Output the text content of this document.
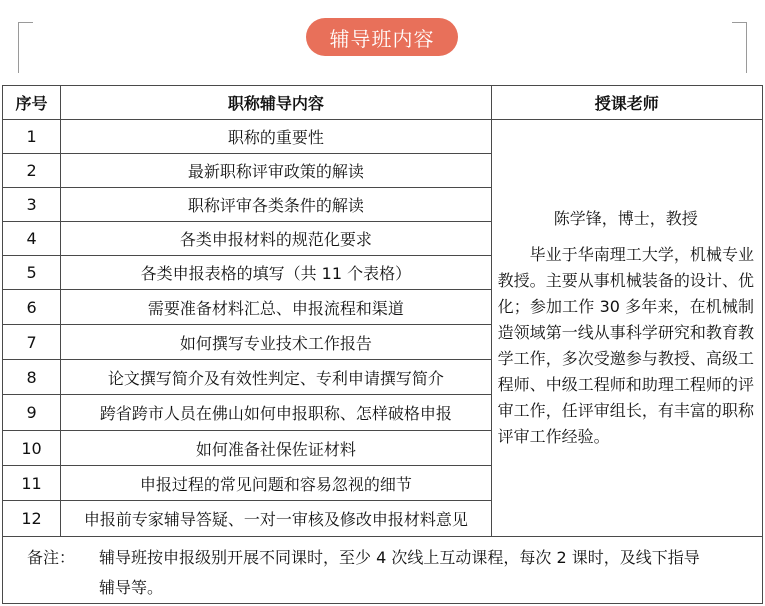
辅导班内容
序号	职称辅导内容	授课老师
1	职称的重要性	陈学锋，博士，教授
毕业于华南理工大学，机械专业教授。主要从事机械装备的设计、优化；参加工作 30 多年来，在机械制造领域第一线从事科学研究和教育教学工作，多次受邀参与教授、高级工程师、中级工程师和助理工程师的评审工作，任评审组长，有丰富的职称评审工作经验。

2	最新职称评审政策的解读	
3	职称评审各类条件的解读	
4	各类申报材料的规范化要求	
5	各类申报表格的填写（共 11 个表格）	
6	需要准备材料汇总、申报流程和渠道	
7	如何撰写专业技术工作报告	
8	论文撰写简介及有效性判定、专利申请撰写简介	
9	跨省跨市人员在佛山如何申报职称、怎样破格申报	
10	如何准备社保佐证材料	
11	申报过程的常见问题和容易忽视的细节	
12	申报前专家辅导答疑、一对一审核及修改申报材料意见	

备注： 辅导班按申报级别开展不同课时，至少 4 次线上互动课程，每次 2 课时，及线下指导
辅导等。		
